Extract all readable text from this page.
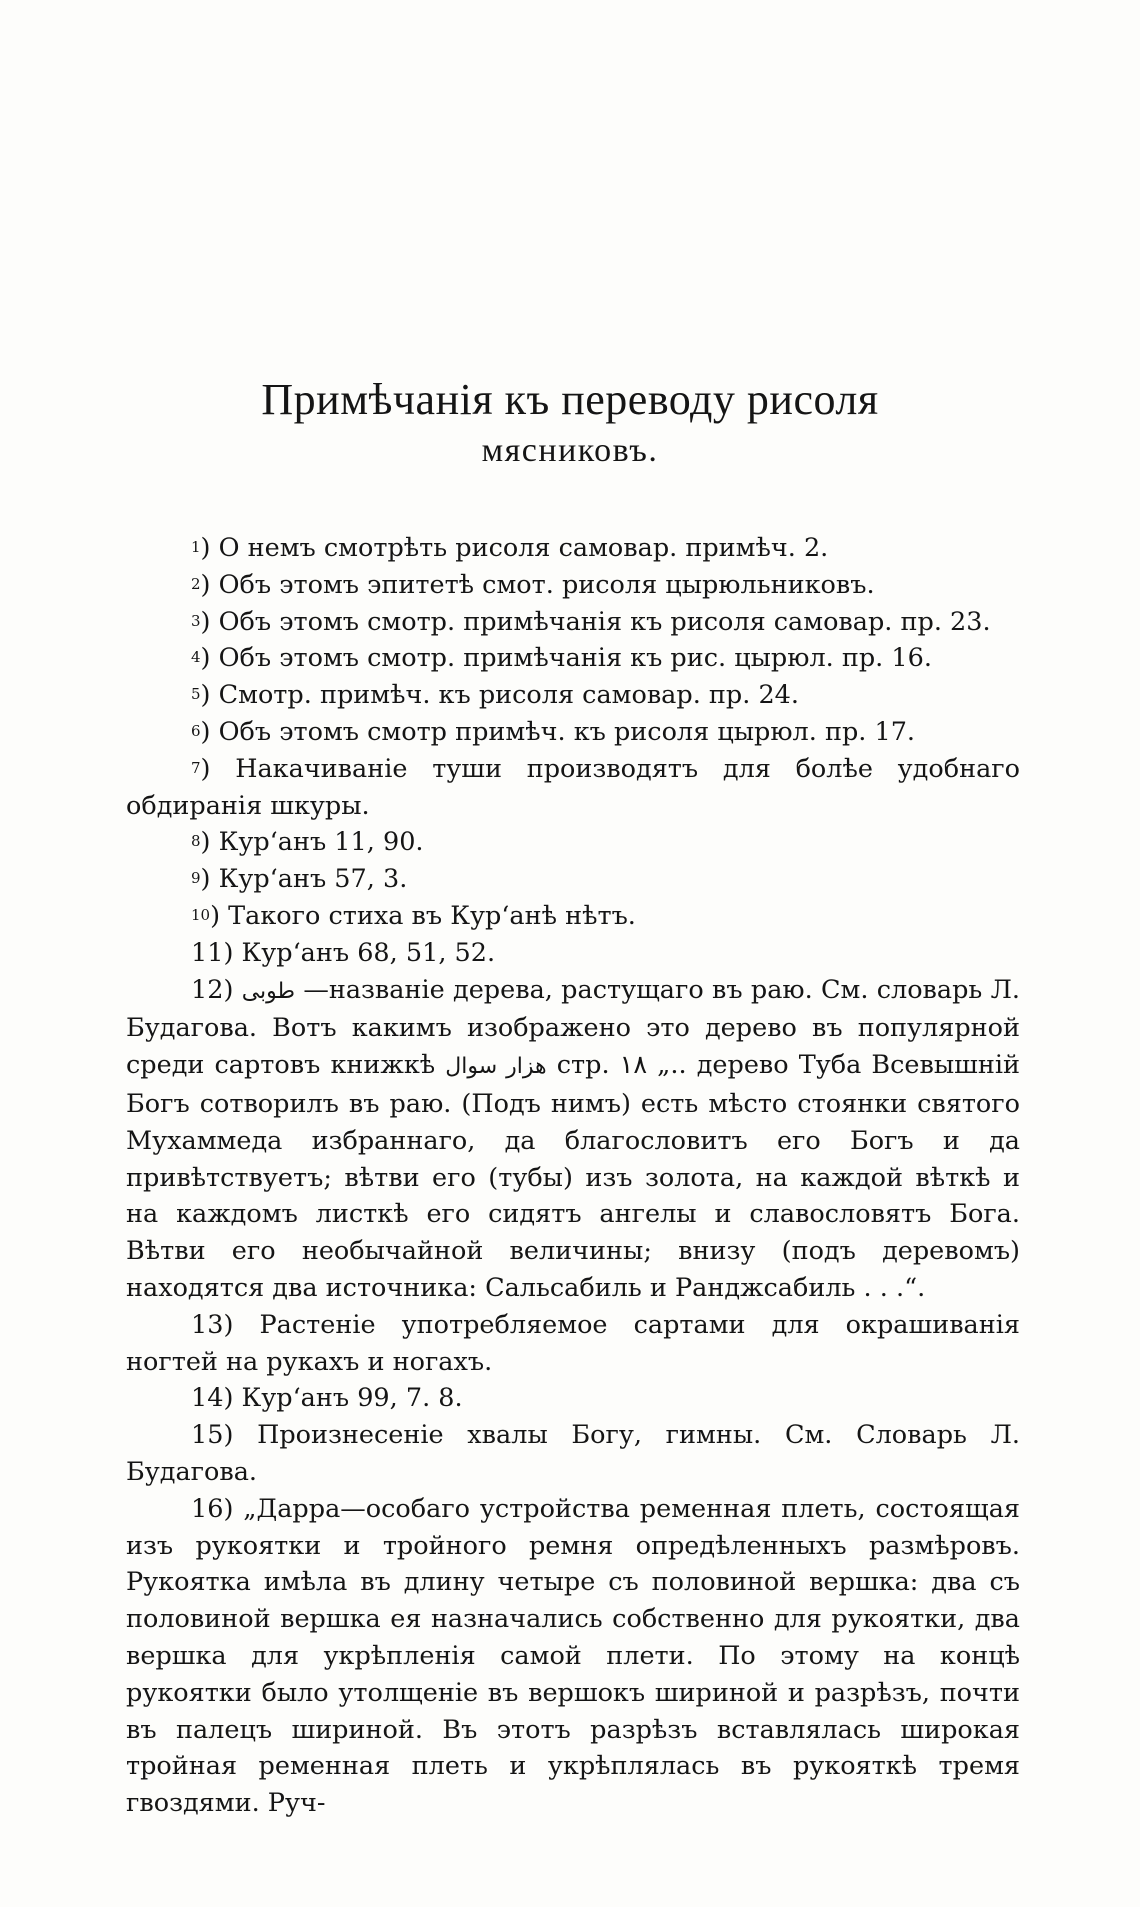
Примѣчанія къ переводу рисоля
мясниковъ.

$^1$) О немъ смотрѣть рисоля самовар. примѣч. 2.

$^2$) Объ этомъ эпитетѣ смот. рисоля цырюльниковъ.

$^3$) Объ этомъ смотр. примѣчанія къ рисоля самовар. пр. 23.

$^4$) Объ этомъ смотр. примѣчанія къ рис. цырюл. пр. 16.

$^5$) Смотр. примѣч. къ рисоля самовар. пр. 24.

$^6$) Объ этомъ смотр примѣч. къ рисоля цырюл. пр. 17.

$^7$) Накачиваніе туши производятъ для болѣе удобнаго обдиранія шкуры.

$^8$) Кур‘анъ 11, 90.

$^9$) Кур‘анъ 57, 3.

$^{10}$) Такого стиха въ Кур‘анѣ нѣтъ.

11) Кур‘анъ 68, 51, 52.

12) طوبى —названіе дерева, растущаго въ раю. См. словарь Л. Будагова. Вотъ какимъ изображено это дерево въ популярной среди сартовъ книжкѣ هزار سوال стр. ١٨ „.. дерево Туба Всевышній Богъ сотворилъ въ раю. (Подъ нимъ) есть мѣсто стоянки святого Мухаммеда избраннаго, да благословитъ его Богъ и да привѣтствуетъ; вѣтви его (тубы) изъ золота, на каждой вѣткѣ и на каждомъ листкѣ его сидятъ ангелы и славословятъ Бога. Вѣтви его необычайной величины; внизу (подъ деревомъ) находятся два источника: Сальсабиль и Ранджсабиль . . .“.

13) Растеніе употребляемое сартами для окрашиванія ногтей на рукахъ и ногахъ.

14) Кур‘анъ 99, 7. 8.

15) Произнесеніе хвалы Богу, гимны. См. Словарь Л. Будагова.

16) „Дарра—особаго устройства ременная плеть, состоящая изъ рукоятки и тройного ремня опредѣленныхъ размѣровъ. Рукоятка имѣла въ длину четыре съ половиной вершка: два съ половиной вершка ея назначались собственно для рукоятки, два вершка для укрѣпленія самой плети. По этому на концѣ рукоятки было утолщеніе въ вершокъ шириной и разрѣзъ, почти въ палецъ шириной. Въ этотъ разрѣзъ вставлялась широкая тройная ременная плеть и укрѣплялась въ рукояткѣ тремя гвоздями. Руч-
